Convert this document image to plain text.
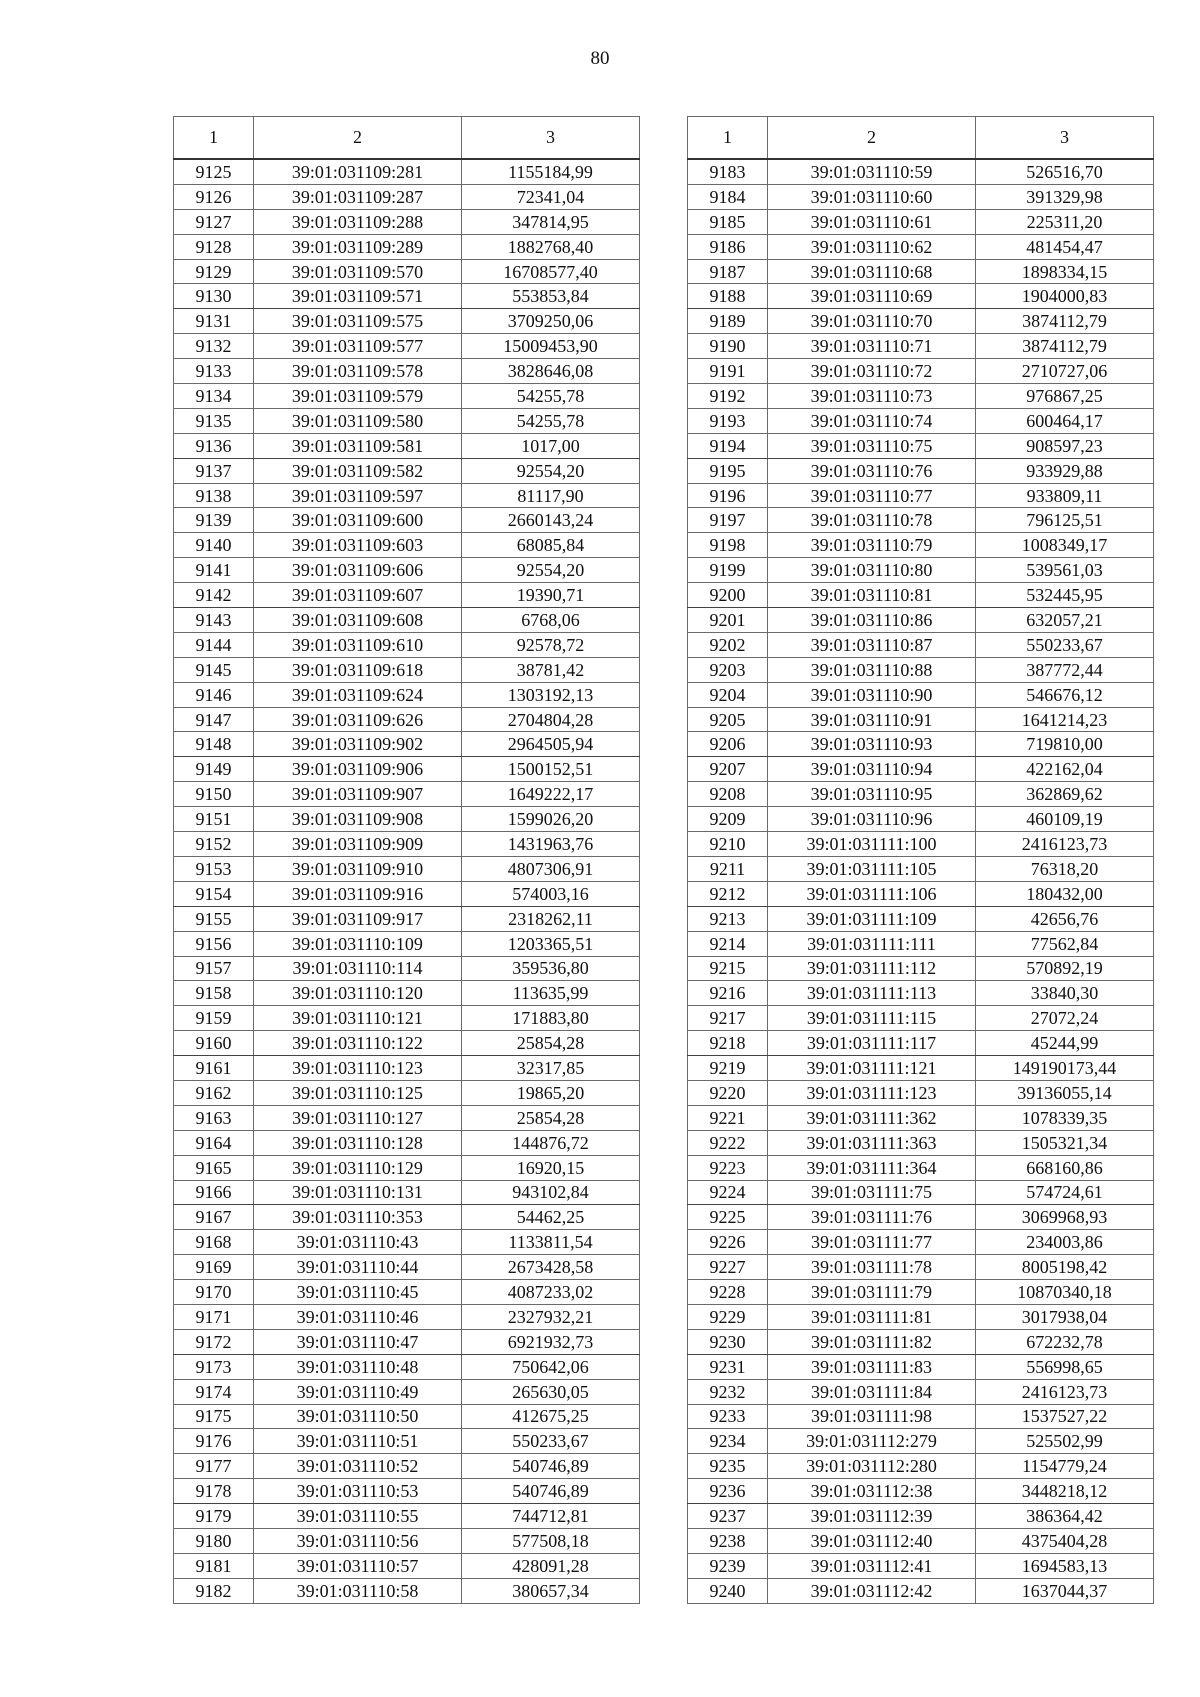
80
1	2	3
9125	39:01:031109:281	1155184,99
9126	39:01:031109:287	72341,04
9127	39:01:031109:288	347814,95
9128	39:01:031109:289	1882768,40
9129	39:01:031109:570	16708577,40
9130	39:01:031109:571	553853,84
9131	39:01:031109:575	3709250,06
9132	39:01:031109:577	15009453,90
9133	39:01:031109:578	3828646,08
9134	39:01:031109:579	54255,78
9135	39:01:031109:580	54255,78
9136	39:01:031109:581	1017,00
9137	39:01:031109:582	92554,20
9138	39:01:031109:597	81117,90
9139	39:01:031109:600	2660143,24
9140	39:01:031109:603	68085,84
9141	39:01:031109:606	92554,20
9142	39:01:031109:607	19390,71
9143	39:01:031109:608	6768,06
9144	39:01:031109:610	92578,72
9145	39:01:031109:618	38781,42
9146	39:01:031109:624	1303192,13
9147	39:01:031109:626	2704804,28
9148	39:01:031109:902	2964505,94
9149	39:01:031109:906	1500152,51
9150	39:01:031109:907	1649222,17
9151	39:01:031109:908	1599026,20
9152	39:01:031109:909	1431963,76
9153	39:01:031109:910	4807306,91
9154	39:01:031109:916	574003,16
9155	39:01:031109:917	2318262,11
9156	39:01:031110:109	1203365,51
9157	39:01:031110:114	359536,80
9158	39:01:031110:120	113635,99
9159	39:01:031110:121	171883,80
9160	39:01:031110:122	25854,28
9161	39:01:031110:123	32317,85
9162	39:01:031110:125	19865,20
9163	39:01:031110:127	25854,28
9164	39:01:031110:128	144876,72
9165	39:01:031110:129	16920,15
9166	39:01:031110:131	943102,84
9167	39:01:031110:353	54462,25
9168	39:01:031110:43	1133811,54
9169	39:01:031110:44	2673428,58
9170	39:01:031110:45	4087233,02
9171	39:01:031110:46	2327932,21
9172	39:01:031110:47	6921932,73
9173	39:01:031110:48	750642,06
9174	39:01:031110:49	265630,05
9175	39:01:031110:50	412675,25
9176	39:01:031110:51	550233,67
9177	39:01:031110:52	540746,89
9178	39:01:031110:53	540746,89
9179	39:01:031110:55	744712,81
9180	39:01:031110:56	577508,18
9181	39:01:031110:57	428091,28
9182	39:01:031110:58	380657,34
1	2	3
9183	39:01:031110:59	526516,70
9184	39:01:031110:60	391329,98
9185	39:01:031110:61	225311,20
9186	39:01:031110:62	481454,47
9187	39:01:031110:68	1898334,15
9188	39:01:031110:69	1904000,83
9189	39:01:031110:70	3874112,79
9190	39:01:031110:71	3874112,79
9191	39:01:031110:72	2710727,06
9192	39:01:031110:73	976867,25
9193	39:01:031110:74	600464,17
9194	39:01:031110:75	908597,23
9195	39:01:031110:76	933929,88
9196	39:01:031110:77	933809,11
9197	39:01:031110:78	796125,51
9198	39:01:031110:79	1008349,17
9199	39:01:031110:80	539561,03
9200	39:01:031110:81	532445,95
9201	39:01:031110:86	632057,21
9202	39:01:031110:87	550233,67
9203	39:01:031110:88	387772,44
9204	39:01:031110:90	546676,12
9205	39:01:031110:91	1641214,23
9206	39:01:031110:93	719810,00
9207	39:01:031110:94	422162,04
9208	39:01:031110:95	362869,62
9209	39:01:031110:96	460109,19
9210	39:01:031111:100	2416123,73
9211	39:01:031111:105	76318,20
9212	39:01:031111:106	180432,00
9213	39:01:031111:109	42656,76
9214	39:01:031111:111	77562,84
9215	39:01:031111:112	570892,19
9216	39:01:031111:113	33840,30
9217	39:01:031111:115	27072,24
9218	39:01:031111:117	45244,99
9219	39:01:031111:121	149190173,44
9220	39:01:031111:123	39136055,14
9221	39:01:031111:362	1078339,35
9222	39:01:031111:363	1505321,34
9223	39:01:031111:364	668160,86
9224	39:01:031111:75	574724,61
9225	39:01:031111:76	3069968,93
9226	39:01:031111:77	234003,86
9227	39:01:031111:78	8005198,42
9228	39:01:031111:79	10870340,18
9229	39:01:031111:81	3017938,04
9230	39:01:031111:82	672232,78
9231	39:01:031111:83	556998,65
9232	39:01:031111:84	2416123,73
9233	39:01:031111:98	1537527,22
9234	39:01:031112:279	525502,99
9235	39:01:031112:280	1154779,24
9236	39:01:031112:38	3448218,12
9237	39:01:031112:39	386364,42
9238	39:01:031112:40	4375404,28
9239	39:01:031112:41	1694583,13
9240	39:01:031112:42	1637044,37
